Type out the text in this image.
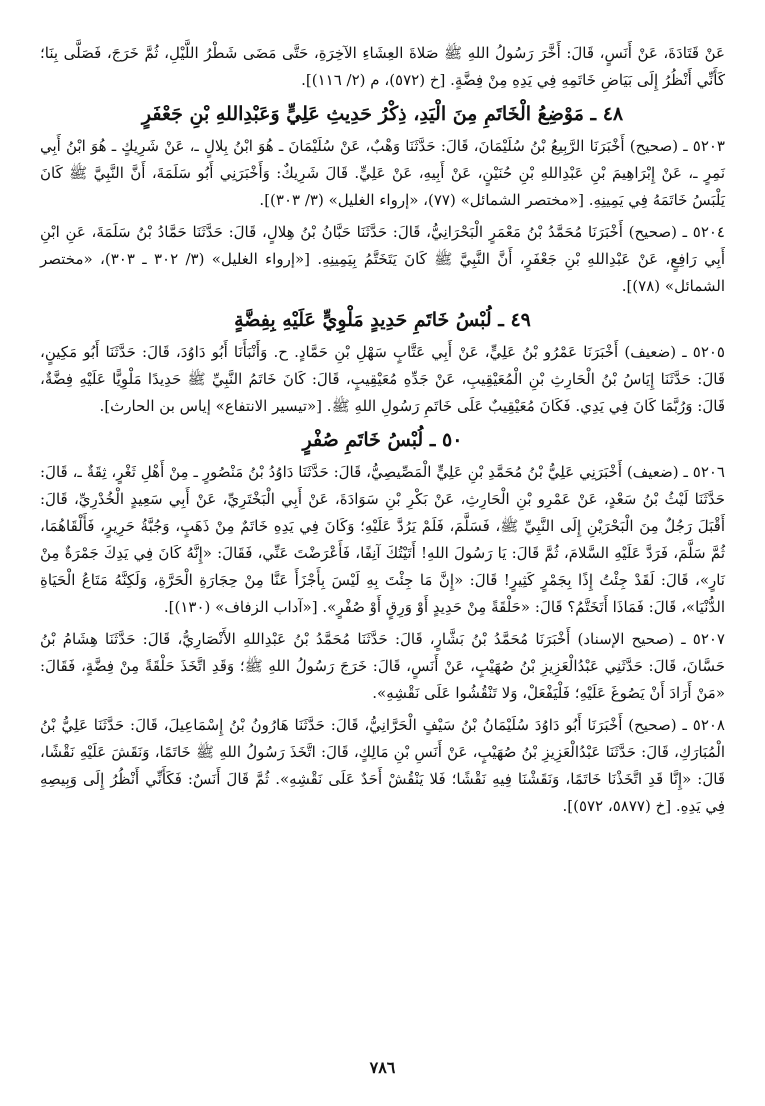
عَنْ قَتَادَةَ، عَنْ أَنَسٍ، قَالَ: أَخَّرَ رَسُولُ اللهِ ﷺ صَلاةَ العِشَاءِ الآخِرَةِ، حَتَّى مَضَى شَطْرُ اللَّيْلِ، ثُمَّ خَرَجَ، فَصَلَّى بِنَا؛ كَأَنِّي أَنْظُرُ إِلَى بَيَاضِ خَاتَمِهِ فِي يَدِهِ مِنْ فِضَّةٍ. [خ (٥٧٢)، م (٢/ ١١٦)].

٤٨ ـ مَوْضِعُ الْخَاتَمِ مِنَ الْيَدِ، ذِكْرُ حَدِيثِ عَلِيٍّ وَعَبْدِاللهِ بْنِ جَعْفَرٍ

٥٢٠٣ ـ (صحيح) أَخْبَرَنَا الرَّبِيعُ بْنُ سُلَيْمَانَ، قَالَ: حَدَّثَنَا وَهْبٌ، عَنْ سُلَيْمَانَ ـ هُوَ ابْنُ بِلالٍ ـ، عَنْ شَرِيكٍ ـ هُوَ ابْنُ أَبِي نَمِرٍ ـ، عَنْ إِبْرَاهِيمَ بْنِ عَبْدِاللهِ بْنِ حُنَيْنٍ، عَنْ أَبِيهِ، عَنْ عَلِيٍّ. قَالَ شَرِيكٌ: وَأَخْبَرَنِي أَبُو سَلَمَةَ، أَنَّ النَّبِيَّ ﷺ كَانَ يَلْبَسُ خَاتَمَهُ فِي يَمِينِهِ. [«مختصر الشمائل» (٧٧)، «إرواء الغليل» (٣/ ٣٠٣)].

٥٢٠٤ ـ (صحيح) أَخْبَرَنَا مُحَمَّدُ بْنُ مَعْمَرٍ الْبَحْرَانِيُّ، قَالَ: حَدَّثَنَا حَبَّانُ بْنُ هِلالٍ، قَالَ: حَدَّثَنَا حَمَّادُ بْنُ سَلَمَةَ، عَنِ ابْنِ أَبِي رَافِعٍ، عَنْ عَبْدِاللهِ بْنِ جَعْفَرٍ، أَنَّ النَّبِيَّ ﷺ كَانَ يَتَخَتَّمُ بِيَمِينِهِ. [«إرواء الغليل» (٣/ ٣٠٢ ـ ٣٠٣)، «مختصر الشمائل» (٧٨)].

٤٩ ـ لُبْسُ خَاتَمِ حَدِيدٍ مَلْوِيٍّ عَلَيْهِ بِفِضَّةٍ

٥٢٠٥ ـ (ضعيف) أَخْبَرَنَا عَمْرُو بْنُ عَلِيٍّ، عَنْ أَبِي عَتَّابٍ سَهْلِ بْنِ حَمَّادٍ. ح. وَأَنْبَأَنَا أَبُو دَاوُدَ، قَالَ: حَدَّثَنَا أَبُو مَكِينٍ، قَالَ: حَدَّثَنَا إِيَاسُ بْنُ الْحَارِثِ بْنِ الْمُعَيْقِيبِ، عَنْ جَدِّهِ مُعَيْقِيبٍ، قَالَ: كَانَ خَاتَمُ النَّبِيِّ ﷺ حَدِيدًا مَلْوِيًّا عَلَيْهِ فِضَّةٌ، قَالَ: وَرُبَّمَا كَانَ فِي يَدِي. فَكَانَ مُعَيْقِيبٌ عَلَى خَاتَمِ رَسُولِ اللهِ ﷺ. [«تيسير الانتفاع» إياس بن الحارث].

٥٠ ـ لُبْسُ خَاتَمِ صُفْرٍ

٥٢٠٦ ـ (ضعيف) أَخْبَرَنِي عَلِيُّ بْنُ مُحَمَّدِ بْنِ عَلِيٍّ الْمَصِّيصِيُّ، قَالَ: حَدَّثَنَا دَاوُدُ بْنُ مَنْصُورٍ ـ مِنْ أَهْلِ ثَغْرٍ، ثِقَةٌ ـ، قَالَ: حَدَّثَنَا لَيْثُ بْنُ سَعْدٍ، عَنْ عَمْرِو بْنِ الْحَارِثِ، عَنْ بَكْرِ بْنِ سَوَادَةَ، عَنْ أَبِي الْبَخْتَرِيِّ، عَنْ أَبِي سَعِيدٍ الْخُدْرِيِّ، قَالَ: أَقْبَلَ رَجُلٌ مِنَ الْبَحْرَيْنِ إِلَى النَّبِيِّ ﷺ، فَسَلَّمَ، فَلَمْ يَرُدَّ عَلَيْهِ؛ وَكَانَ فِي يَدِهِ خَاتَمٌ مِنْ ذَهَبٍ، وَجُبَّةُ حَرِيرٍ، فَأَلْقَاهُمَا، ثُمَّ سَلَّمَ، فَرَدَّ عَلَيْهِ السَّلامَ، ثُمَّ قَالَ: يَا رَسُولَ اللهِ! أَتَيْتُكَ آنِفًا، فَأَعْرَضْتَ عَنِّي، فَقَالَ: «إِنَّهُ كَانَ فِي يَدِكَ جَمْرَةٌ مِنْ نَارٍ»، قَالَ: لَقَدْ جِئْتُ إِذًا بِجَمْرٍ كَثِيرٍ! قَالَ: «إِنَّ مَا جِئْتَ بِهِ لَيْسَ بِأَجْزَأَ عَنَّا مِنْ حِجَارَةِ الْحَرَّةِ، وَلَكِنَّهُ مَتَاعُ الْحَيَاةِ الدُّنْيَا»، قَالَ: فَمَاذَا أَتَخَتَّمُ؟ قَالَ: «حَلْقَةً مِنْ حَدِيدٍ أَوْ وَرِقٍ أَوْ صُفْرٍ». [«آداب الزفاف» (١٣٠)].

٥٢٠٧ ـ (صحيح الإسناد) أَخْبَرَنَا مُحَمَّدُ بْنُ بَشَّارٍ، قَالَ: حَدَّثَنَا مُحَمَّدُ بْنُ عَبْدِاللهِ الأَنْصَارِيُّ، قَالَ: حَدَّثَنَا هِشَامُ بْنُ حَسَّانَ، قَالَ: حَدَّثَنِي عَبْدُالْعَزِيزِ بْنُ صُهَيْبٍ، عَنْ أَنَسٍ، قَالَ: خَرَجَ رَسُولُ اللهِ ﷺ؛ وَقَدِ اتَّخَذَ حَلْقَةً مِنْ فِضَّةٍ، فَقَالَ: «مَنْ أَرَادَ أَنْ يَصُوغَ عَلَيْهِ؛ فَلْيَفْعَلْ، وَلا تَنْقُشُوا عَلَى نَقْشِهِ».

٥٢٠٨ ـ (صحيح) أَخْبَرَنَا أَبُو دَاوُدَ سُلَيْمَانُ بْنُ سَيْفٍ الْحَرَّانِيُّ، قَالَ: حَدَّثَنَا هَارُونُ بْنُ إِسْمَاعِيلَ، قَالَ: حَدَّثَنَا عَلِيُّ بْنُ الْمُبَارَكِ، قَالَ: حَدَّثَنَا عَبْدُالْعَزِيزِ بْنُ صُهَيْبٍ، عَنْ أَنَسِ بْنِ مَالِكٍ، قَالَ: اتَّخَذَ رَسُولُ اللهِ ﷺ خَاتَمًا، وَنَقَشَ عَلَيْهِ نَقْشًا، قَالَ: «إِنَّا قَدِ اتَّخَذْنَا خَاتَمًا، وَنَقَشْنَا فِيهِ نَقْشًا؛ فَلا يَنْقُشْ أَحَدٌ عَلَى نَقْشِهِ». ثُمَّ قَالَ أَنَسٌ: فَكَأَنِّي أَنْظُرُ إِلَى وَبِيصِهِ فِي يَدِهِ. [خ (٥٨٧٧، ٥٧٢)].

٧٨٦
